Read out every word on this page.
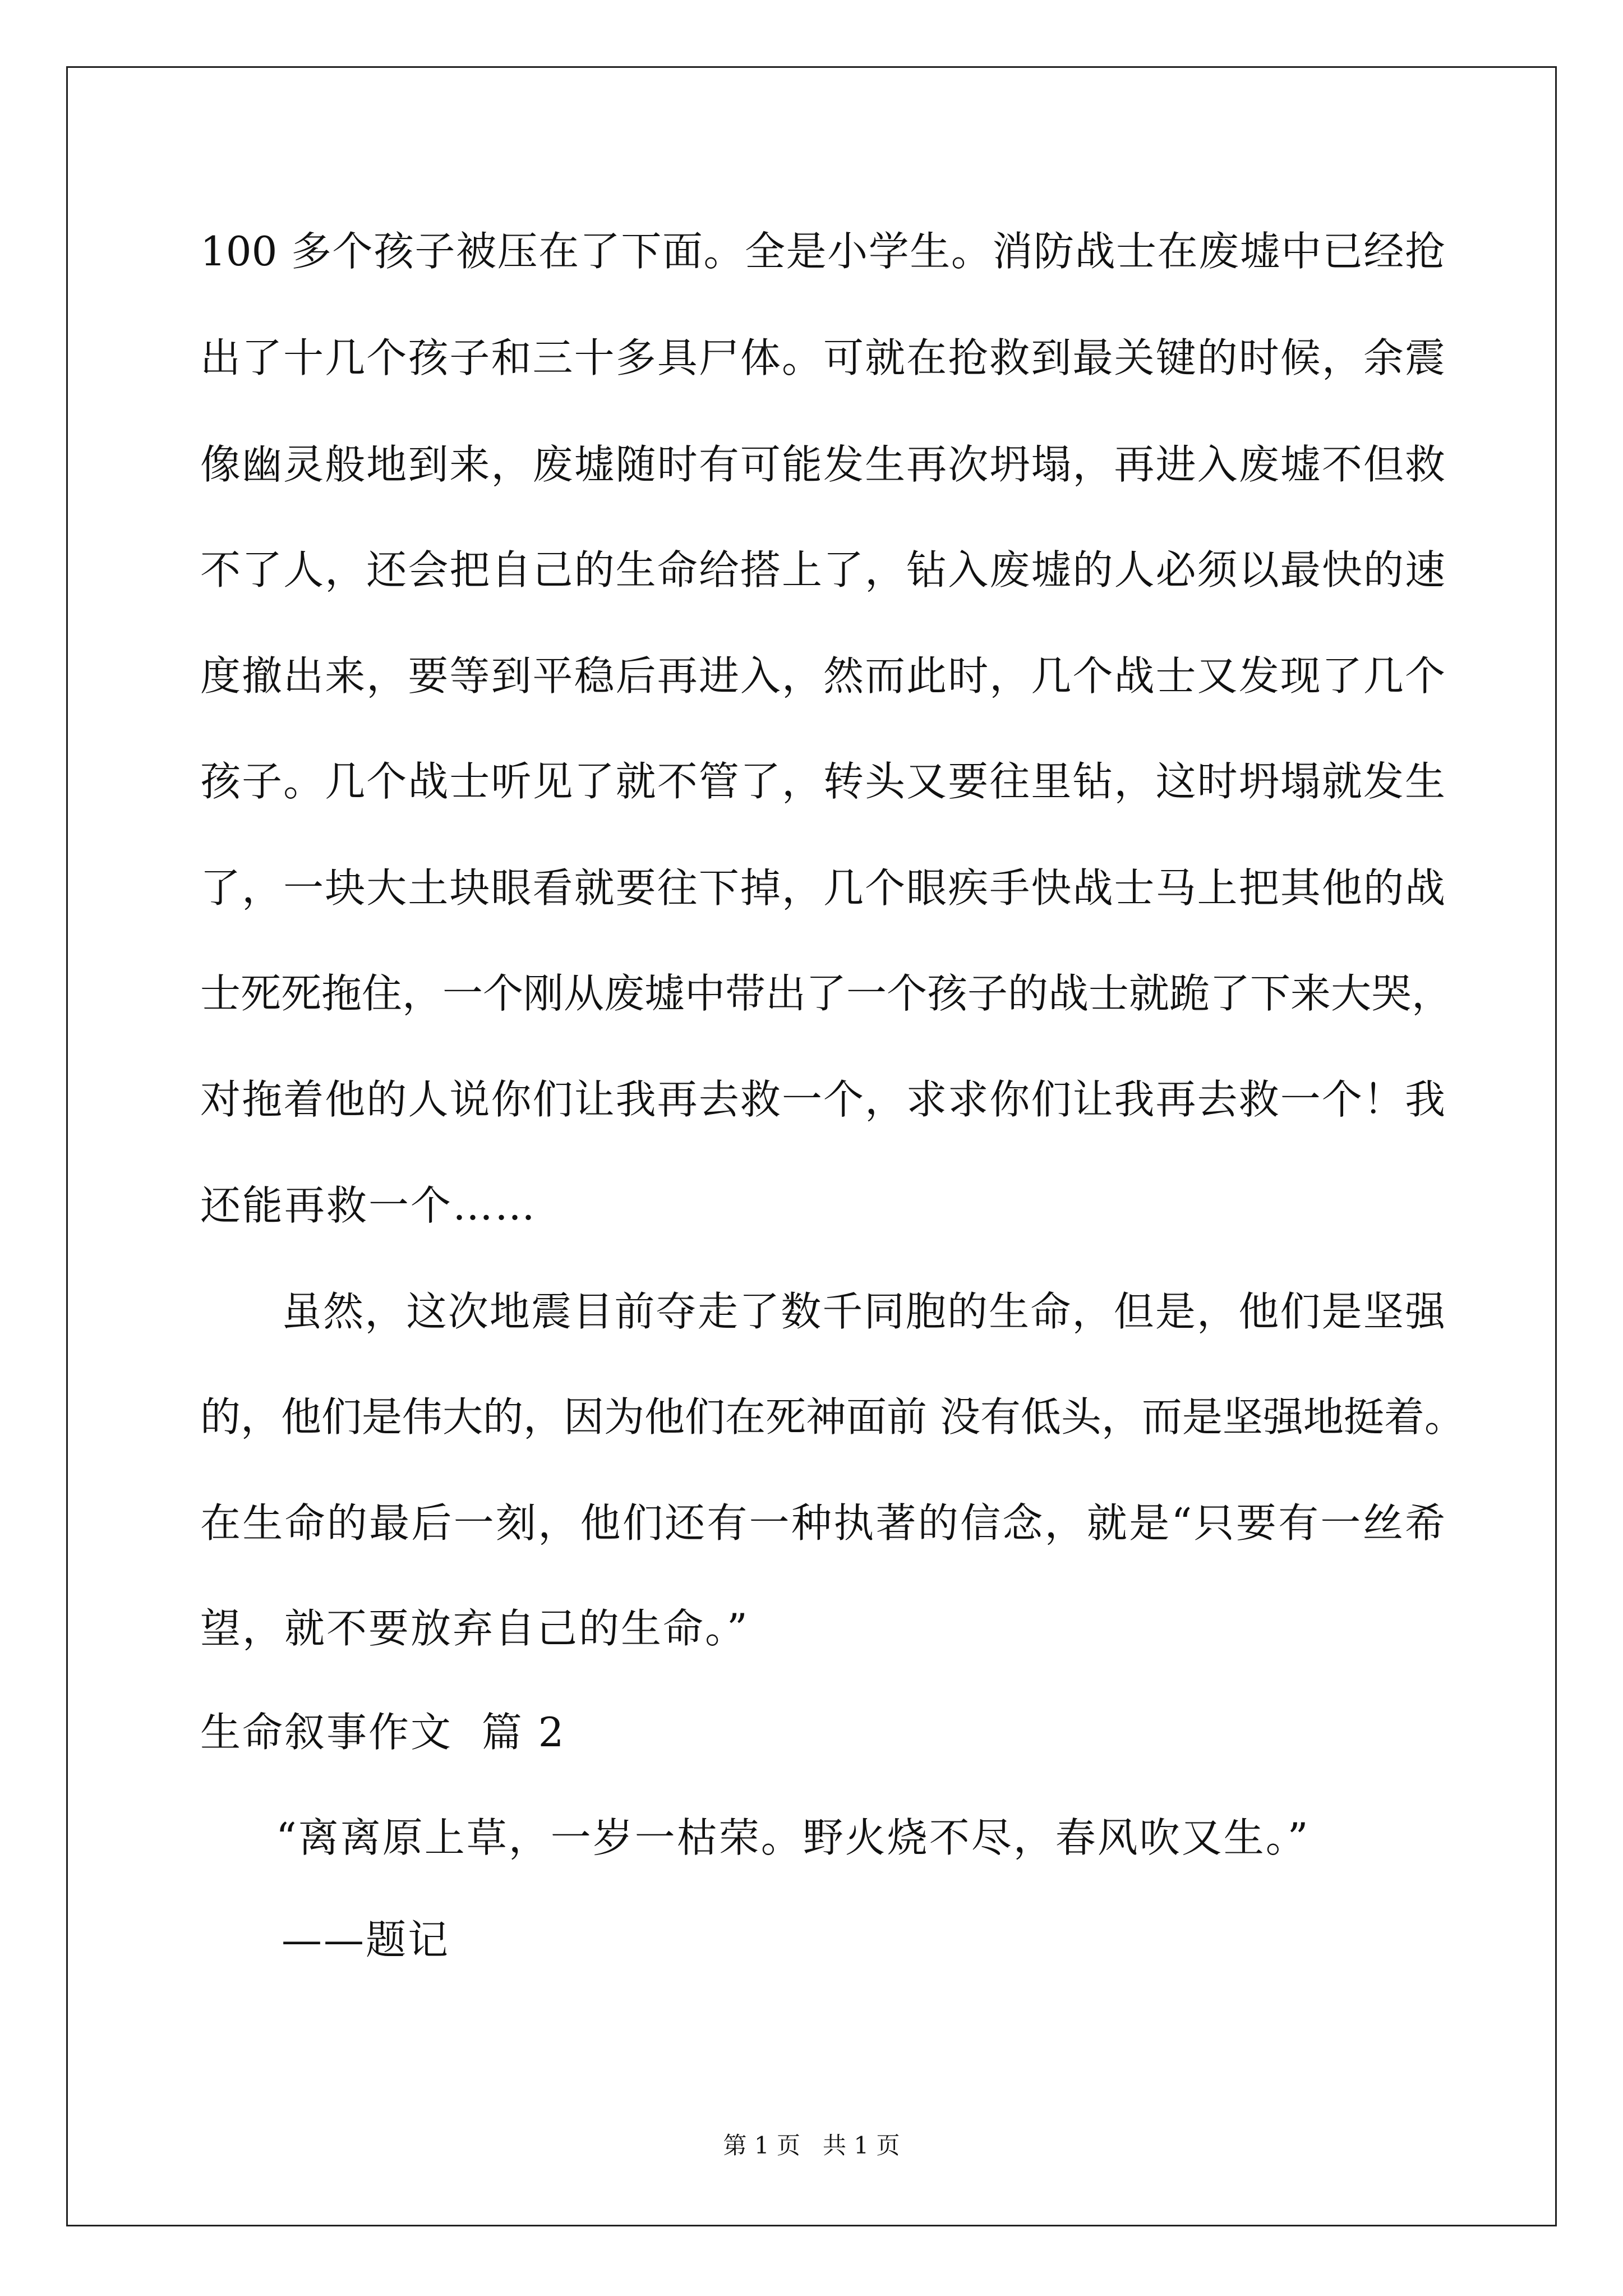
100 多个孩子被压在了下面。全是小学生。消防战士在废墟中已经抢
出了十几个孩子和三十多具尸体。可就在抢救到最关键的时候，余震
像幽灵般地到来，废墟随时有可能发生再次坍塌，再进入废墟不但救
不了人，还会把自己的生命给搭上了，钻入废墟的人必须以最快的速
度撤出来，要等到平稳后再进入，然而此时，几个战士又发现了几个
孩子。几个战士听见了就不管了，转头又要往里钻，这时坍塌就发生
了，一块大土块眼看就要往下掉，几个眼疾手快战士马上把其他的战
士死死拖住，一个刚从废墟中带出了一个孩子的战士就跪了下来大哭，
对拖着他的人说你们让我再去救一个，求求你们让我再去救一个！我
还能再救一个……
虽然，这次地震目前夺走了数千同胞的生命，但是，他们是坚强
的，他们是伟大的，因为他们在死神面前 没有低头，而是坚强地挺着。
在生命的最后一刻，他们还有一种执著的信念，就是“只要有一丝希
望，就不要放弃自己的生命。”
生命叙事作文  篇 2
“离离原上草，一岁一枯荣。野火烧不尽，春风吹又生。”
——题记
第 1 页   共 1 页
